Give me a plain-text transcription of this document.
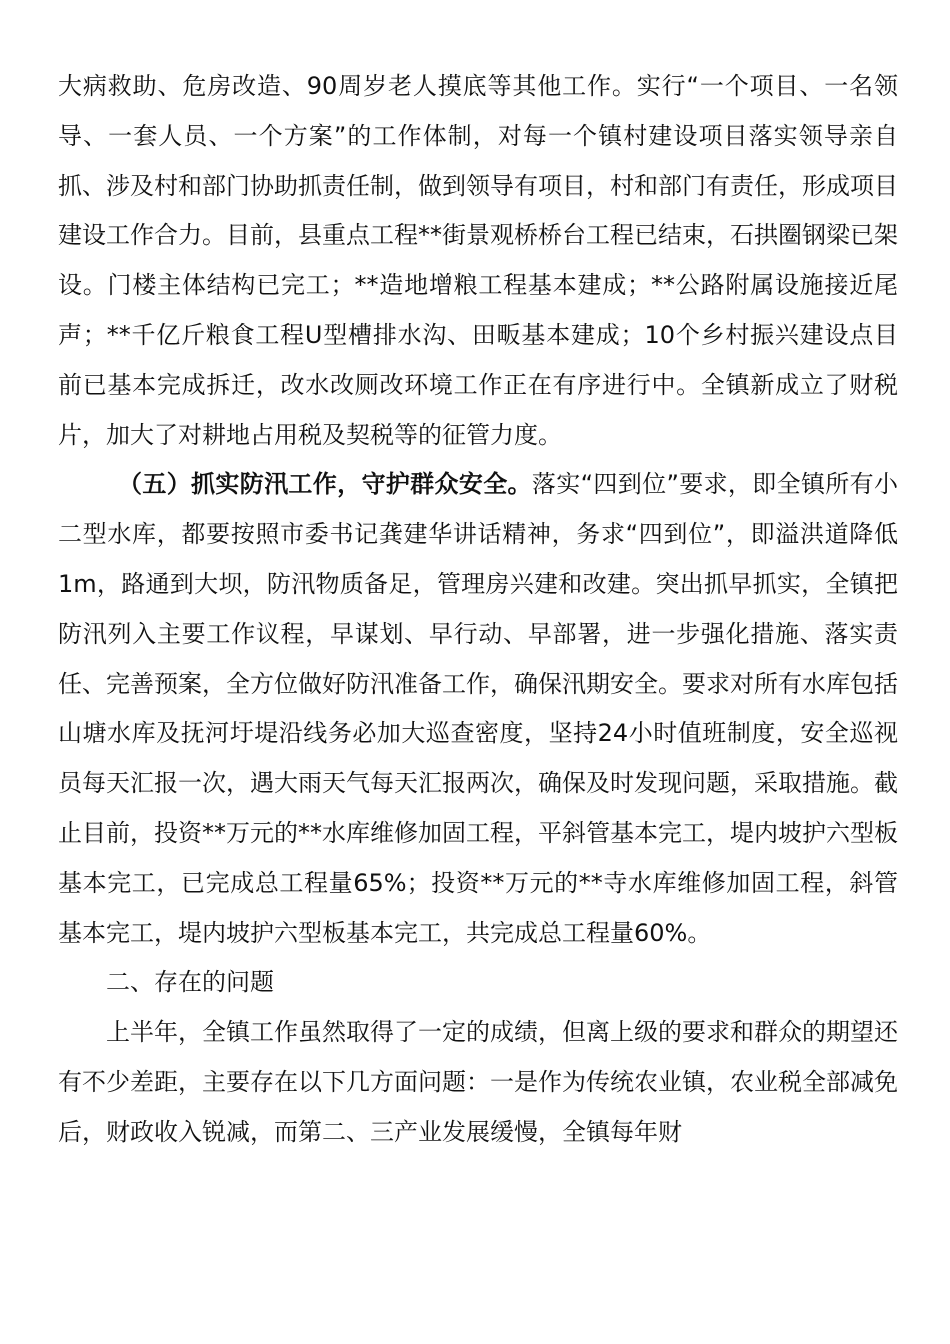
大病救助、危房改造、90周岁老人摸底等其他工作。实行“一个项目、一名领导、一套人员、一个方案”的工作体制，对每一个镇村建设项目落实领导亲自抓、涉及村和部门协助抓责任制，做到领导有项目，村和部门有责任，形成项目建设工作合力。目前，县重点工程**街景观桥桥台工程已结束，石拱圈钢梁已架设。门楼主体结构已完工；**造地增粮工程基本建成；**公路附属设施接近尾声；**千亿斤粮食工程U型槽排水沟、田畈基本建成；10个乡村振兴建设点目前已基本完成拆迁，改水改厕改环境工作正在有序进行中。全镇新成立了财税片，加大了对耕地占用税及契税等的征管力度。

（五）抓实防汛工作，守护群众安全。落实“四到位”要求，即全镇所有小二型水库，都要按照市委书记龚建华讲话精神，务求“四到位”，即溢洪道降低1m，路通到大坝，防汛物质备足，管理房兴建和改建。突出抓早抓实，全镇把防汛列入主要工作议程，早谋划、早行动、早部署，进一步强化措施、落实责任、完善预案，全方位做好防汛准备工作，确保汛期安全。要求对所有水库包括山塘水库及抚河圩堤沿线务必加大巡查密度，坚持24小时值班制度，安全巡视员每天汇报一次，遇大雨天气每天汇报两次，确保及时发现问题，采取措施。截止目前，投资**万元的**水库维修加固工程，平斜管基本完工，堤内坡护六型板基本完工，已完成总工程量65%；投资**万元的**寺水库维修加固工程，斜管基本完工，堤内坡护六型板基本完工，共完成总工程量60%。

二、存在的问题

上半年，全镇工作虽然取得了一定的成绩，但离上级的要求和群众的期望还有不少差距，主要存在以下几方面问题：一是作为传统农业镇，农业税全部减免后，财政收入锐减，而第二、三产业发展缓慢，全镇每年财
